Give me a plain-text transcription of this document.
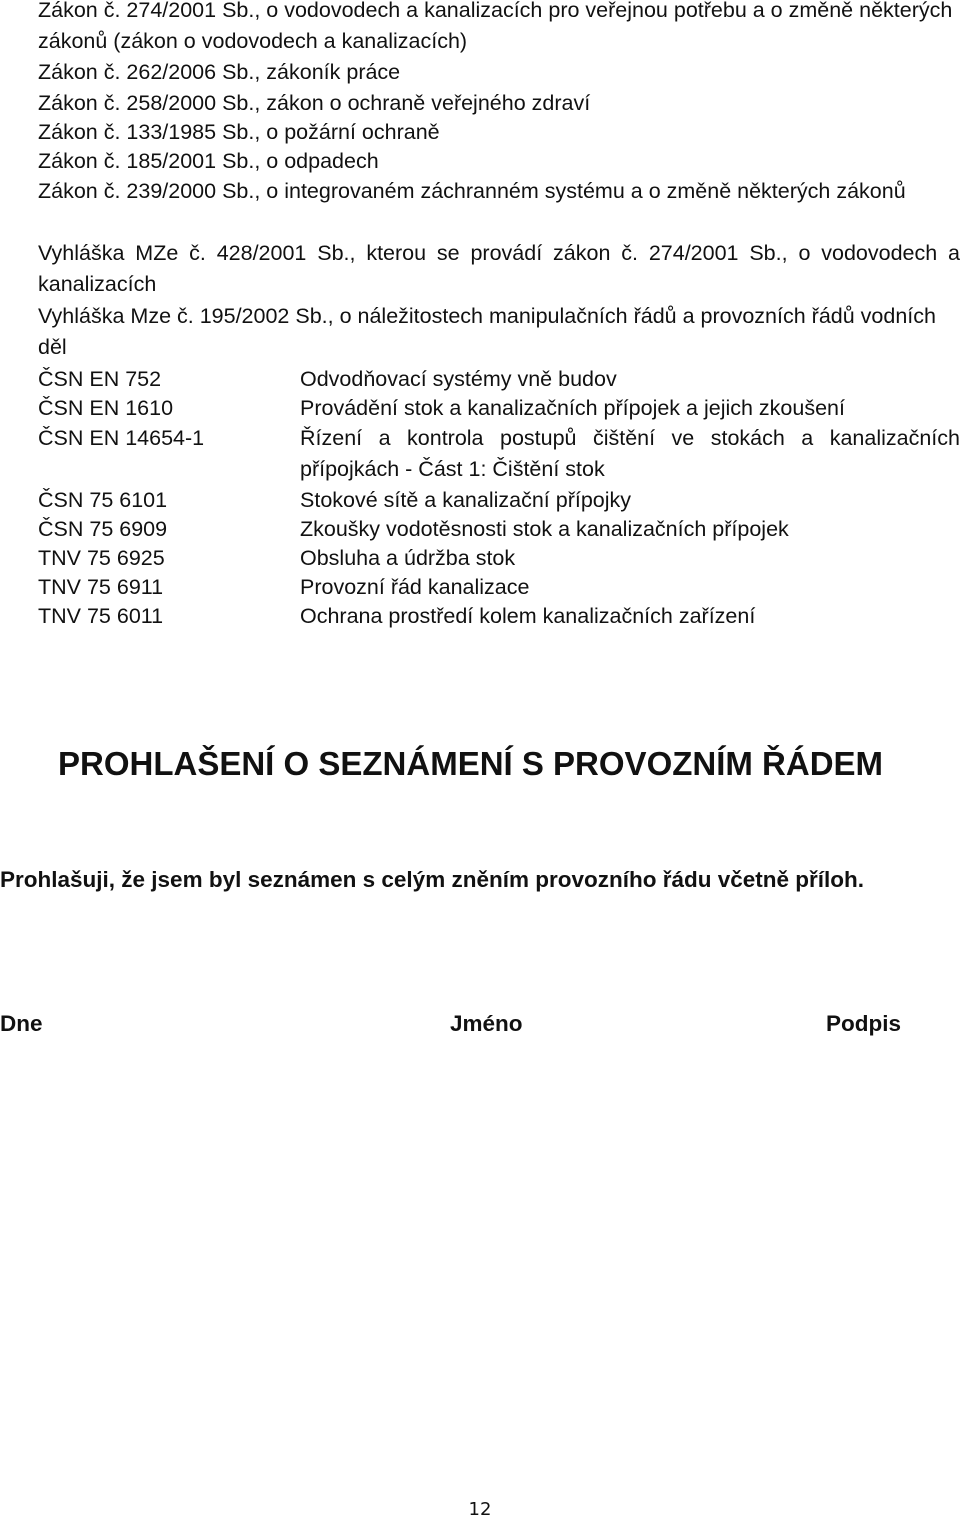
Zákon č. 274/2001 Sb., o vodovodech a kanalizacích pro veřejnou potřebu a o změně některých zákonů (zákon o vodovodech a kanalizacích)

Zákon č. 262/2006 Sb., zákoník práce

Zákon č. 258/2000 Sb., zákon o ochraně veřejného zdraví

Zákon č. 133/1985 Sb., o požární ochraně

Zákon č. 185/2001 Sb., o odpadech

Zákon č. 239/2000 Sb., o integrovaném záchranném systému a o změně některých zákonů

Vyhláška MZe č. 428/2001 Sb., kterou se provádí zákon č. 274/2001 Sb., o vodovodech a kanalizacích

Vyhláška Mze č. 195/2002 Sb., o náležitostech manipulačních řádů a provozních řádů vodních děl

ČSN EN 752	Odvodňovací systémy vně budov
ČSN EN 1610	Provádění stok a kanalizačních přípojek a jejich zkoušení
ČSN EN 14654-1	Řízení a kontrola postupů čištění ve stokách a kanalizačních přípojkách - Část 1: Čištění stok
ČSN 75 6101	Stokové sítě a kanalizační přípojky
ČSN 75 6909	Zkoušky vodotěsnosti stok a kanalizačních přípojek
TNV 75 6925	Obsluha a údržba stok
TNV 75 6911	Provozní řád kanalizace
TNV 75 6011	Ochrana prostředí kolem kanalizačních zařízení
PROHLAŠENÍ O SEZNÁMENÍ S PROVOZNÍM ŘÁDEM

Prohlašuji, že jsem byl seznámen s celým zněním provozního řádu včetně příloh.

Dne	Jméno	Podpis
12
